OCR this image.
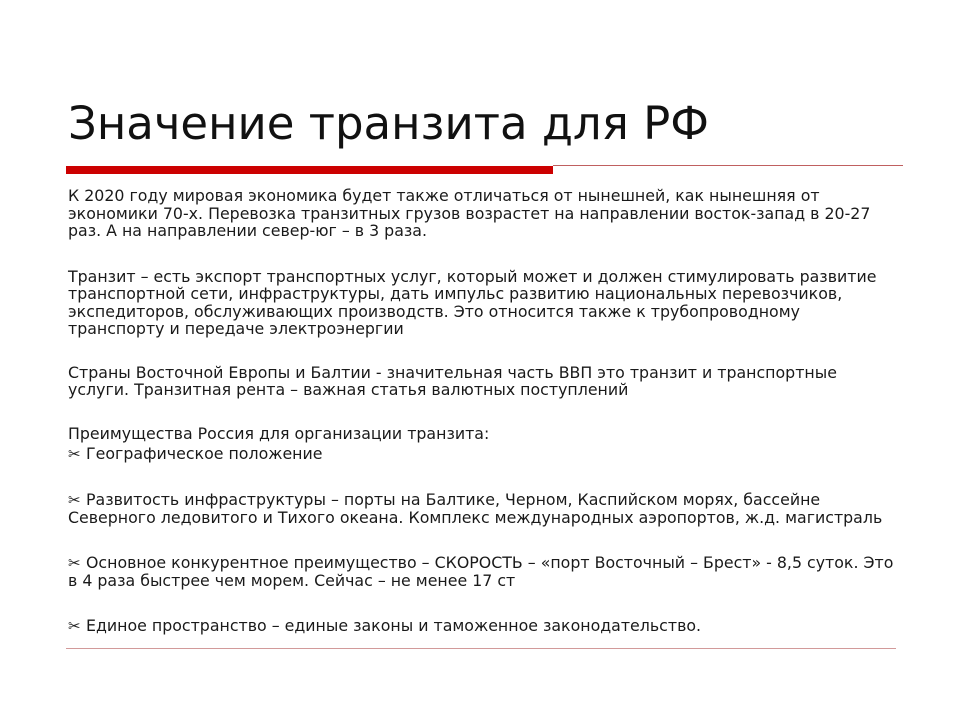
Значение транзита для РФ

К 2020 году мировая экономика будет также отличаться от нынешней, как нынешняя от экономики 70-х. Перевозка транзитных грузов возрастет на направлении восток-запад в 20-27 раз. А на направлении север-юг – в 3 раза.

Транзит – есть экспорт транспортных услуг, который может и должен стимулировать развитие транспортной сети, инфраструктуры, дать импульс развитию национальных перевозчиков, экспедиторов, обслуживающих производств. Это относится также к трубопроводному транспорту и передаче электроэнергии

Страны Восточной Европы и Балтии - значительная часть ВВП это транзит и транспортные услуги. Транзитная рента – важная статья валютных поступлений

Преимущества Россия для организации транзита:

✂ Географическое положение

✂ Развитость инфраструктуры – порты на Балтике, Черном, Каспийском морях, бассейне Северного ледовитого и Тихого океана. Комплекс международных аэропортов, ж.д. магистраль

✂ Основное конкурентное преимущество – СКОРОСТЬ – «порт Восточный – Брест» - 8,5 суток. Это в 4 раза быстрее чем морем. Сейчас – не менее 17 ст

✂ Единое пространство – единые законы и таможенное законодательство.
